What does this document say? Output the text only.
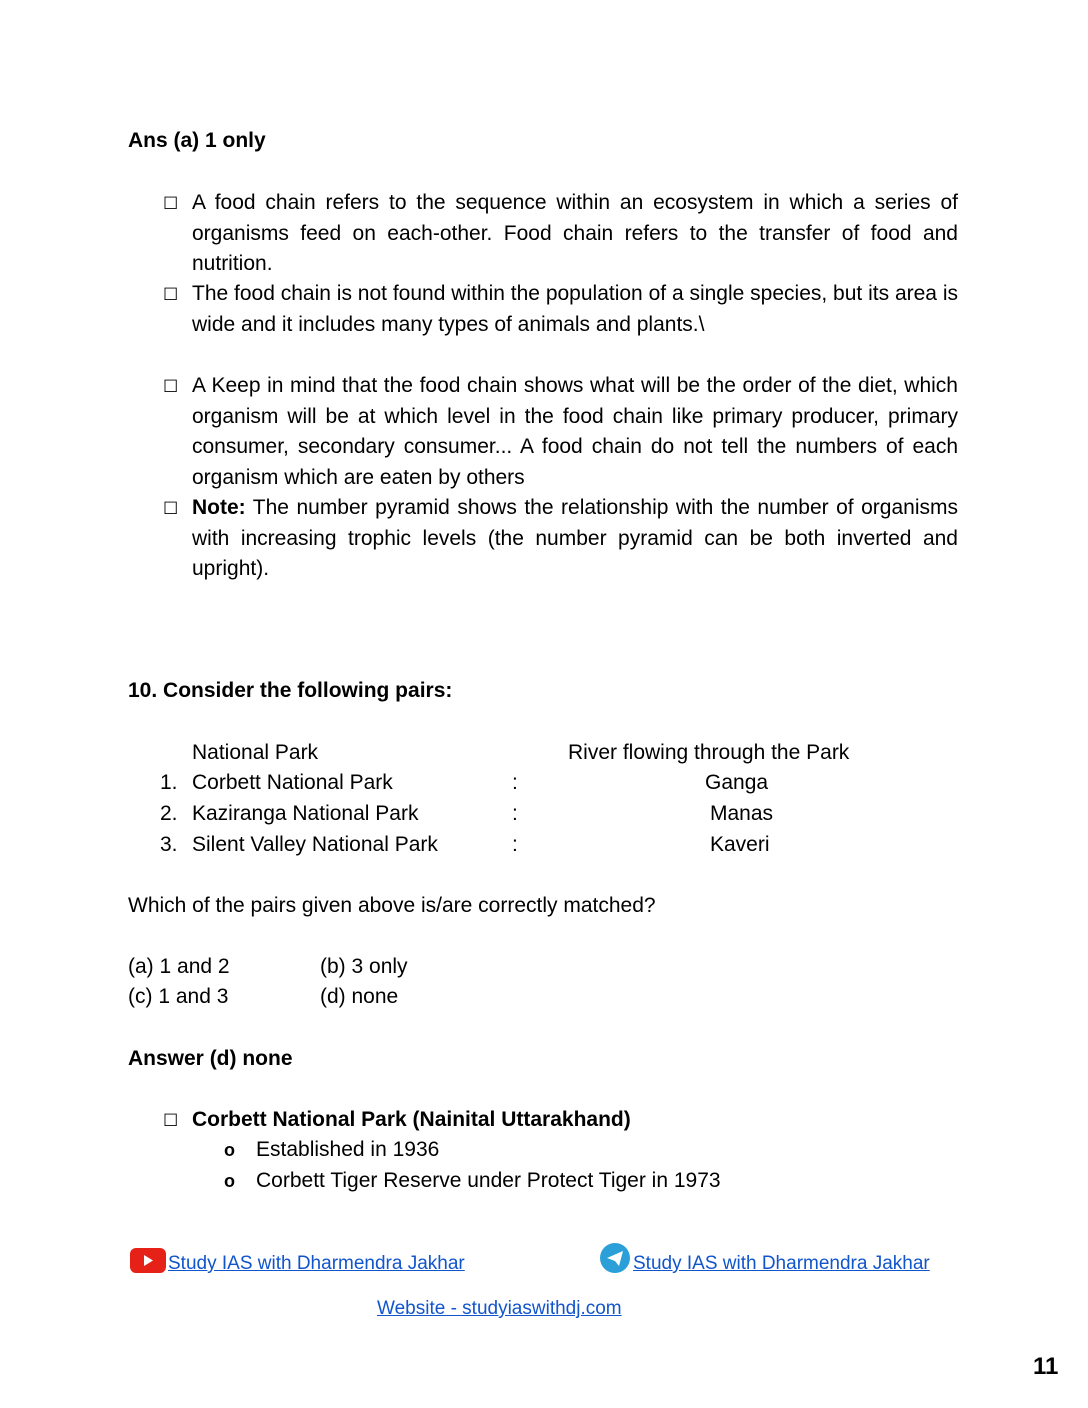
Ans (a) 1 only
☐ A food chain refers to the sequence within an ecosystem in which a series of organisms feed on each-other. Food chain refers to the transfer of food and nutrition.
☐ The food chain is not found within the population of a single species, but its area is wide and it includes many types of animals and plants.\
☐ A Keep in mind that the food chain shows what will be the order of the diet, which organism will be at which level in the food chain like primary producer, primary consumer, secondary consumer... A food chain do not tell the numbers of each organism which are eaten by others
☐ Note: The number pyramid shows the relationship with the number of organisms with increasing trophic levels (the number pyramid can be both inverted and upright).
10. Consider the following pairs:
National Park	River flowing through the Park
1. Corbett National Park	:	Ganga
2. Kaziranga National Park	:	Manas
3. Silent Valley National Park	:	Kaveri
Which of the pairs given above is/are correctly matched?
(a) 1 and 2	(b) 3 only
(c) 1 and 3	(d) none
Answer (d) none
☐ Corbett National Park (Nainital Uttarakhand)
o Established in 1936
o Corbett Tiger Reserve under Protect Tiger in 1973
Study IAS with Dharmendra Jakhar	Study IAS with Dharmendra Jakhar
Website - studyiaswithdj.com
11
